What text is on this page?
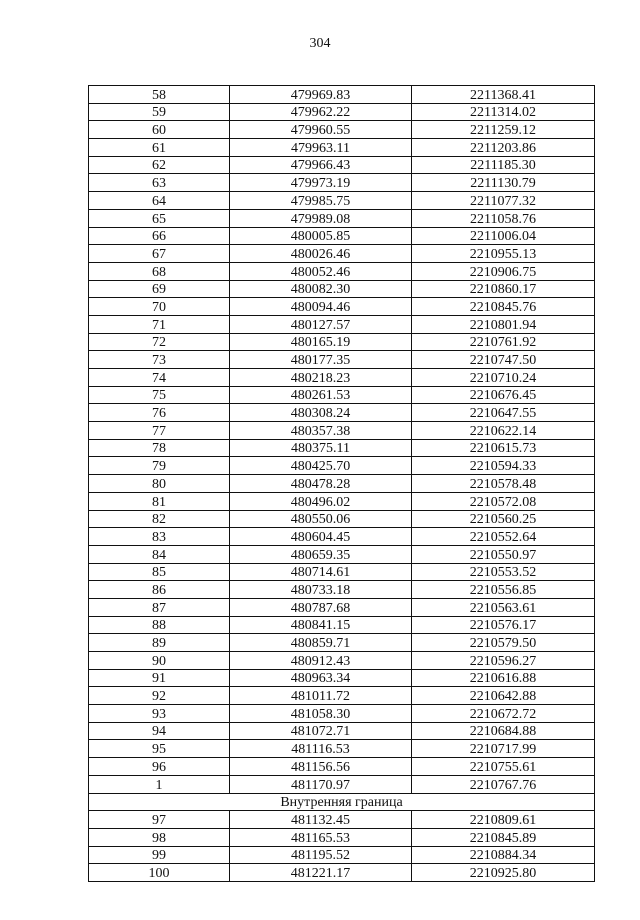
304
58	479969.83	2211368.41
59	479962.22	2211314.02
60	479960.55	2211259.12
61	479963.11	2211203.86
62	479966.43	2211185.30
63	479973.19	2211130.79
64	479985.75	2211077.32
65	479989.08	2211058.76
66	480005.85	2211006.04
67	480026.46	2210955.13
68	480052.46	2210906.75
69	480082.30	2210860.17
70	480094.46	2210845.76
71	480127.57	2210801.94
72	480165.19	2210761.92
73	480177.35	2210747.50
74	480218.23	2210710.24
75	480261.53	2210676.45
76	480308.24	2210647.55
77	480357.38	2210622.14
78	480375.11	2210615.73
79	480425.70	2210594.33
80	480478.28	2210578.48
81	480496.02	2210572.08
82	480550.06	2210560.25
83	480604.45	2210552.64
84	480659.35	2210550.97
85	480714.61	2210553.52
86	480733.18	2210556.85
87	480787.68	2210563.61
88	480841.15	2210576.17
89	480859.71	2210579.50
90	480912.43	2210596.27
91	480963.34	2210616.88
92	481011.72	2210642.88
93	481058.30	2210672.72
94	481072.71	2210684.88
95	481116.53	2210717.99
96	481156.56	2210755.61
1	481170.97	2210767.76
Внутренняя граница		
97	481132.45	2210809.61
98	481165.53	2210845.89
99	481195.52	2210884.34
100	481221.17	2210925.80
